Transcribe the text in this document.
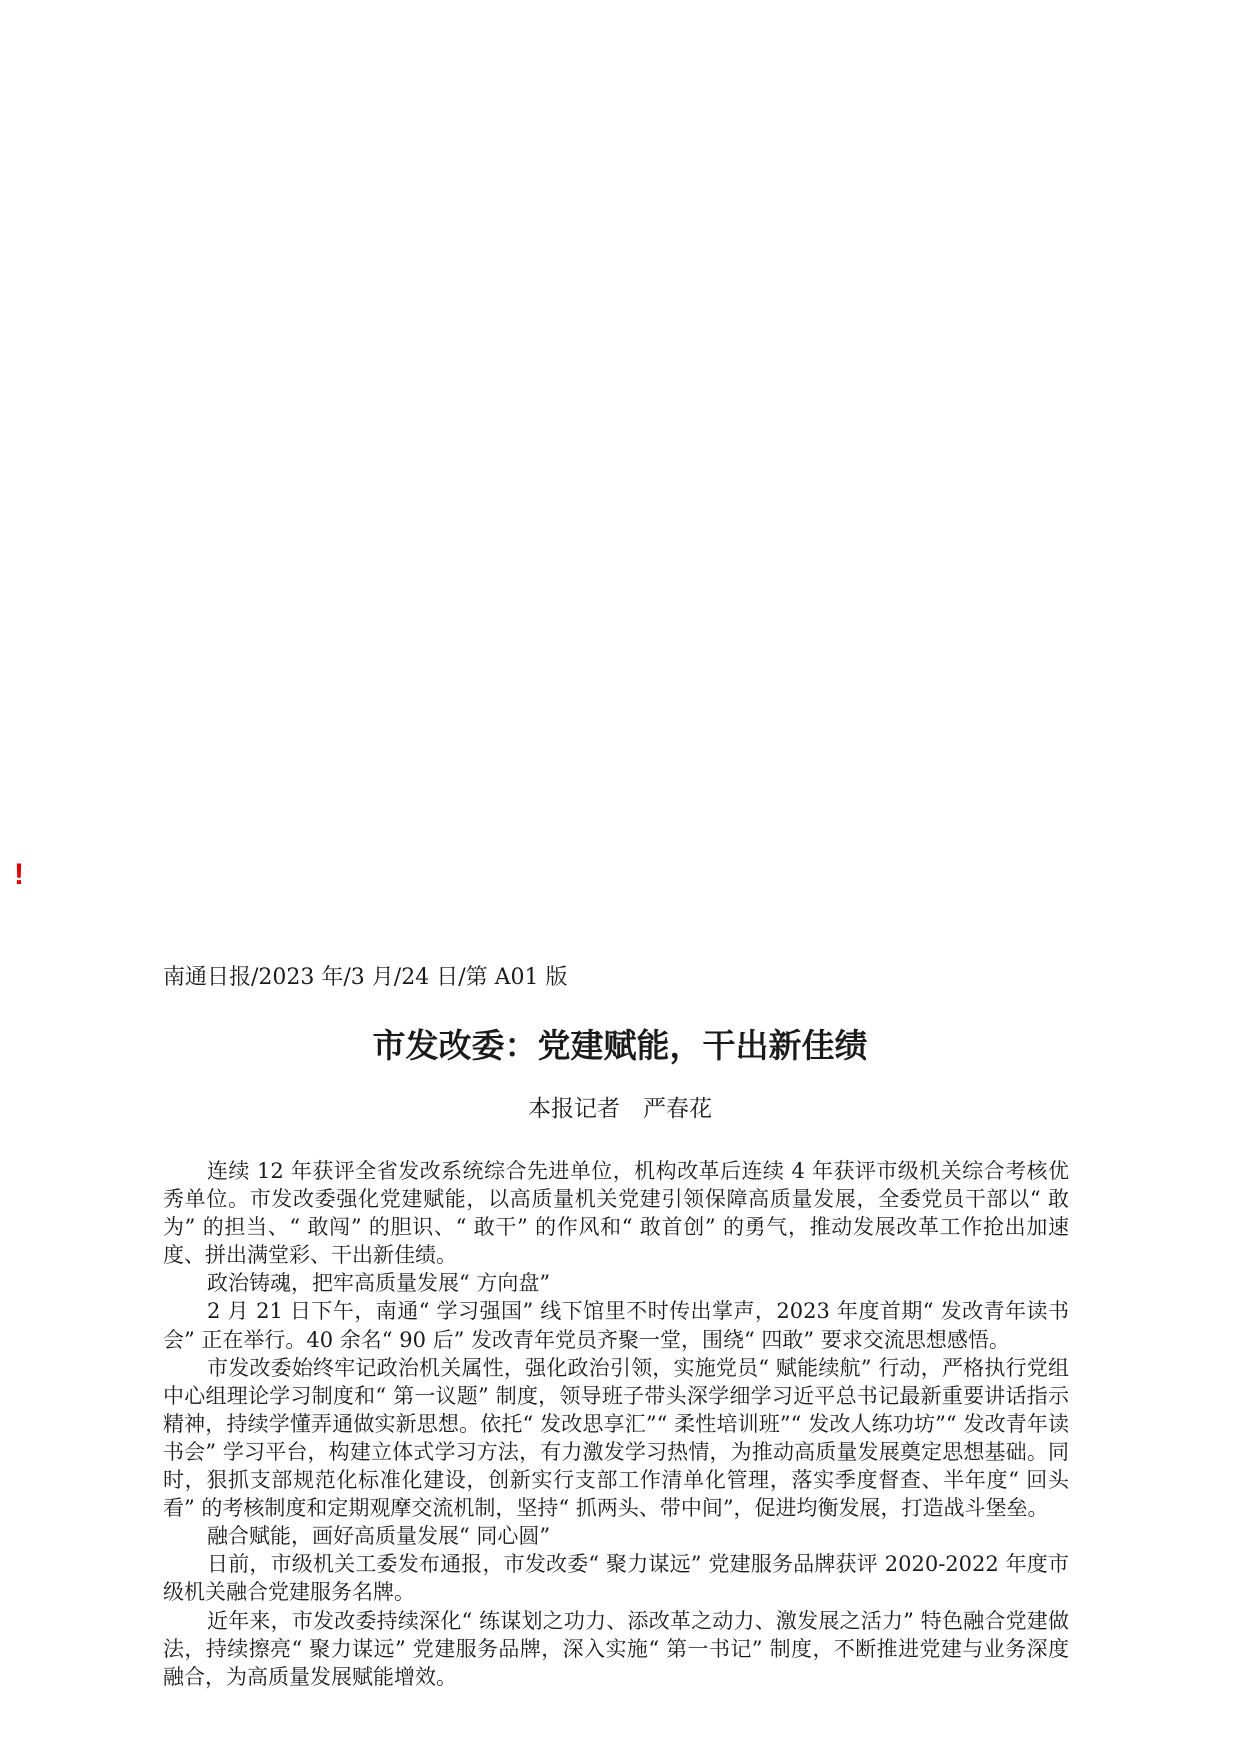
!
南通日报/2023 年/3 月/24 日/第 A01 版
市发改委：党建赋能，干出新佳绩
本报记者　严春花

连续 12 年获评全省发改系统综合先进单位，机构改革后连续 4 年获评市级机关综合考核优秀单位。市发改委强化党建赋能，以高质量机关党建引领保障高质量发展，全委党员干部以“ 敢为” 的担当、“ 敢闯” 的胆识、“ 敢干” 的作风和“ 敢首创” 的勇气，推动发展改革工作抢出加速度、拼出满堂彩、干出新佳绩。

政治铸魂，把牢高质量发展“ 方向盘”

2 月 21 日下午，南通“ 学习强国” 线下馆里不时传出掌声，2023 年度首期“ 发改青年读书会” 正在举行。40 余名“ 90 后” 发改青年党员齐聚一堂，围绕“ 四敢” 要求交流思想感悟。

市发改委始终牢记政治机关属性，强化政治引领，实施党员“ 赋能续航” 行动，严格执行党组中心组理论学习制度和“ 第一议题” 制度，领导班子带头深学细学习近平总书记最新重要讲话指示精神，持续学懂弄通做实新思想。依托“ 发改思享汇”“ 柔性培训班”“ 发改人练功坊”“ 发改青年读书会” 学习平台，构建立体式学习方法，有力激发学习热情，为推动高质量发展奠定思想基础。同时，狠抓支部规范化标准化建设，创新实行支部工作清单化管理，落实季度督查、半年度“ 回头看” 的考核制度和定期观摩交流机制，坚持“ 抓两头、带中间”，促进均衡发展，打造战斗堡垒。

融合赋能，画好高质量发展“ 同心圆”

日前，市级机关工委发布通报，市发改委“ 聚力谋远” 党建服务品牌获评 2020-2022 年度市级机关融合党建服务名牌。

近年来，市发改委持续深化“ 练谋划之功力、添改革之动力、激发展之活力” 特色融合党建做法，持续擦亮“ 聚力谋远” 党建服务品牌，深入实施“ 第一书记” 制度，不断推进党建与业务深度融合，为高质量发展赋能增效。
